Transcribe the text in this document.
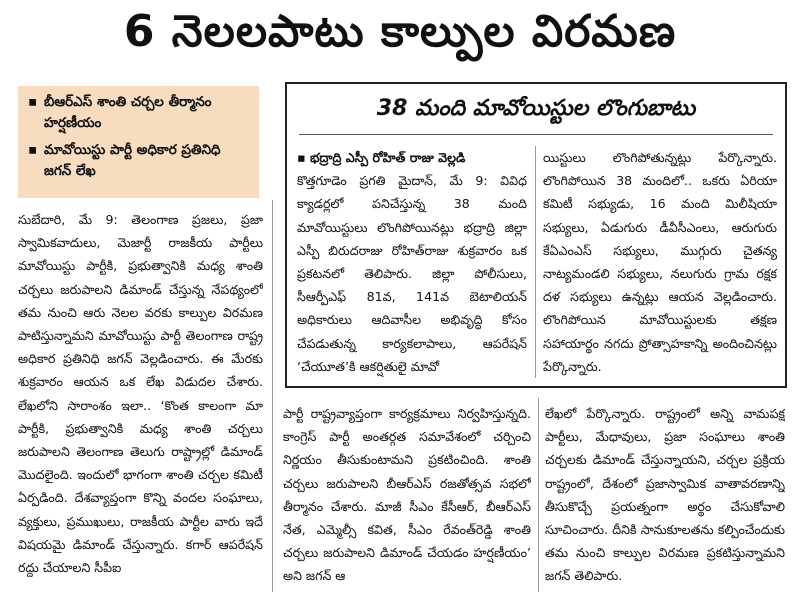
6 నెలలపాటు కాల్పుల విరమణ
▪ బీఆర్ఎస్ శాంతి చర్చల తీర్మానం హర్షణీయం
▪ మావోయిస్టు పార్టీ అధికార ప్రతినిధి జగన్ లేఖ

సుబేదారి, మే 9: తెలంగాణ ప్రజలు, ప్రజా స్వామికవాదులు, మెజార్టీ రాజకీయ పార్టీలు మావోయిస్టు పార్టీకి, ప్రభుత్వానికి మధ్య శాంతి చర్చలు జరుపాలని డిమాండ్ చేస్తున్న నేపథ్యంలో తమ నుంచి ఆరు నెలల వరకు కాల్పుల విరమణ పాటిస్తున్నామని మావోయిస్టు పార్టీ తెలంగాణ రాష్ట్ర అధికార ప్రతినిధి జగన్ వెల్లడించారు. ఈ మేరకు శుక్రవారం ఆయన ఒక లేఖ విడుదల చేశారు. లేఖలోని సారాంశం ఇలా.. ‘కొంత కాలంగా మా పార్టీకి, ప్రభుత్వానికి మధ్య శాంతి చర్చలు జరుపాలని తెలంగాణ తెలుగు రాష్ట్రాల్లో డిమాండ్ మొదలైంది. ఇందులో భాగంగా శాంతి చర్చల కమిటీ ఏర్పడింది. దేశవ్యాప్తంగా కొన్ని వందల సంఘాలు, వ్యక్తులు, ప్రముఖులు, రాజకీయ పార్టీల వారు ఇదే విషయమై డిమాండ్ చేస్తున్నారు. కగార్ ఆపరేషన్ రద్దు చేయాలని సీపీఐ

38 మంది మావోయిస్టుల లొంగుబాటు

▪ భద్రాద్రి ఎస్పీ రోహిత్ రాజు వెల్లడి

కొత్తగూడెం ప్రగతి మైదాన్, మే 9: వివిధ క్యాడర్లలో పనిచేస్తున్న 38 మంది మావోయిస్టులు లొంగిపోయినట్లు భద్రాద్రి జిల్లా ఎస్పీ బిరుదరాజు రోహిత్‌రాజు శుక్రవారం ఒక ప్రకటనలో తెలిపారు. జిల్లా పోలీసులు, సీఆర్పీఎఫ్ 81వ, 141వ బెటాలియన్ అధికారులు ఆదివాసీల అభివృద్ధి కోసం చేపడుతున్న కార్యకలాపాలు, ఆపరేషన్ ‘చేయూత’కి ఆకర్షితులై మావో

యిస్టులు లొంగిపోతున్నట్లు పేర్కొన్నారు. లొంగిపోయిన 38 మందిలో.. ఒకరు ఏరియా కమిటీ సభ్యుడు, 16 మంది మిలీషియా సభ్యులు, ఏడుగురు డీవీసీఎంలు, ఆరుగురు కేఏఎంఎస్ సభ్యులు, ముగ్గురు చైతన్య నాట్యమండలి సభ్యులు, నలుగురు గ్రామ రక్షక దళ సభ్యులు ఉన్నట్లు ఆయన వెల్లడించారు. లొంగిపోయిన మావోయిస్టులకు తక్షణ సహాయార్థం నగదు ప్రోత్సాహకాన్ని అందించినట్లు పేర్కొన్నారు.

పార్టీ రాష్ట్రవ్యాప్తంగా కార్యక్రమాలు నిర్వహిస్తున్నది. కాంగ్రెస్ పార్టీ అంతర్గత సమావేశంలో చర్చించి నిర్ణయం తీసుకుంటామని ప్రకటించింది. శాంతి చర్చలు జరుపాలని బీఆర్ఎస్ రజతోత్సవ సభలో తీర్మానం చేశారు. మాజీ సీఎం కేసీఆర్, బీఆర్ఎస్ నేత, ఎమ్మెల్సీ కవిత, సీఎం రేవంత్‌రెడ్డి శాంతి చర్చలు జరుపాలని డిమాండ్ చేయడం హర్షణీయం’ అని జగన్ ఆ

లేఖలో పేర్కొన్నారు. రాష్ట్రంలో అన్ని వామపక్ష పార్టీలు, మేధావులు, ప్రజా సంఘాలు శాంతి చర్చలకు డిమాండ్ చేస్తున్నాయని, చర్చల ప్రక్రియ రాష్ట్రంలో, దేశంలో ప్రజాస్వామిక వాతావరణాన్ని తీసుకొచ్చే ప్రయత్నంగా అర్థం చేసుకోవాలి సూచించారు. దీనికి సానుకూలతను కల్పించేందుకు తమ నుంచి కాల్పుల విరమణ ప్రకటిస్తున్నామని జగన్ తెలిపారు.
